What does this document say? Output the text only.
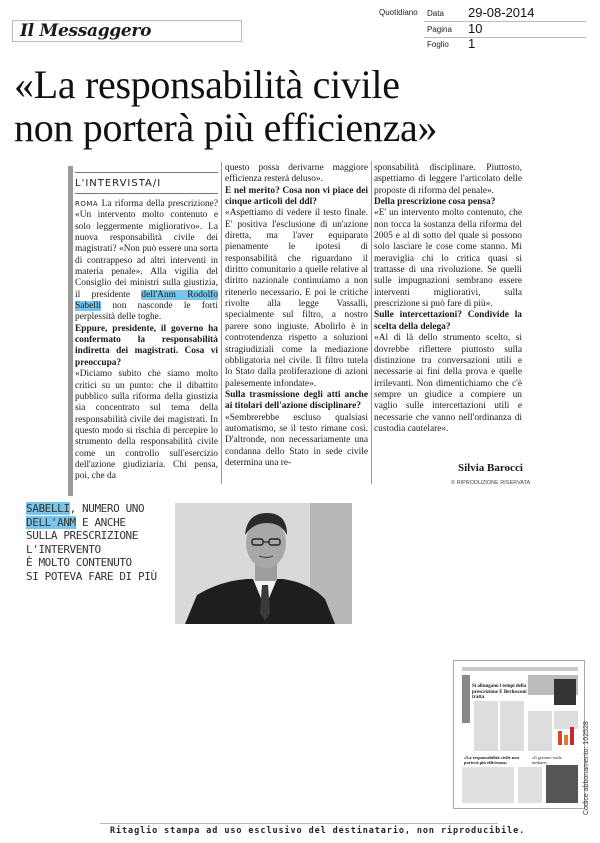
Il Messaggero
Quotidiano Data 29-08-2014
Pagina 10
Foglio 1
«La responsabilità civile
non porterà più efficienza»
L'INTERVISTA/I

ROMA La riforma della prescrizione? «Un intervento molto contenuto e solo leggermente migliorativo». La nuova responsabilità civile dei magistrati? «Non può essere una sorta di contrappeso ad altri interventi in materia penale». Alla vigilia del Consiglio dei ministri sulla giustizia, il presidente dell'Anm Rodolfo Sabelli non nasconde le forti perplessità delle toghe.

Eppure, presidente, il governo ha confermato la responsabilità indiretta dei magistrati. Cosa vi preoccupa?

«Diciamo subito che siamo molto critici su un punto: che il dibattito pubblico sulla riforma della giustizia sia concentrato sul tema della responsabilità civile dei magistrati. In questo modo si rischia di percepire lo strumento della responsabilità civile come un controllo sull'esercizio dell'azione giudiziaria. Chi pensa, poi, che da

questo possa derivarne maggiore efficienza resterà deluso».

E nel merito? Cosa non vi piace dei cinque articoli del ddl?

«Aspettiamo di vedere il testo finale. E' positiva l'esclusione di un'azione diretta, ma l'aver equiparato pienamente le ipotesi di responsabilità che riguardano il diritto comunitario a quelle relative al diritto nazionale continuiamo a non ritenerlo necessario. E poi le critiche rivolte alla legge Vassalli, specialmente sul filtro, a nostro parere sono ingiuste. Abolirlo è in controtendenza rispetto a soluzioni stragiudiziali come la mediazione obbligatoria nel civile. Il filtro tutela lo Stato dalla proliferazione di azioni palesemente infondate».

Sulla trasmissione degli atti anche ai titolari dell'azione disciplinare?

«Sembrerebbe escluso qualsiasi automatismo, se il testo rimane così. D'altronde, non necessariamente una condanna dello Stato in sede civile determina una re-

sponsabilità disciplinare. Piuttosto, aspettiamo di leggere l'articolato delle proposte di riforma del penale».

Della prescrizione cosa pensa?

«E' un intervento molto contenuto, che non tocca la sostanza della riforma del 2005 e al di sotto del quale si possono solo lasciare le cose come stanno. Mi meraviglia chi lo critica quasi si trattasse di una rivoluzione. Se quelli sulle impugnazioni sembrano essere interventi migliorativi, sulla prescrizione si può fare di più».

Sulle intercettazioni? Condivide la scelta della delega?

«Al di là dello strumento scelto, si dovrebbe riflettere piuttosto sulla distinzione tra conversazioni utili e necessarie ai fini della prova e quelle irrilevanti. Non dimentichiamo che c'è sempre un giudice a compiere un vaglio sulle intercettazioni utili e necessarie che vanno nell'ordinanza di custodia cautelare».

Silvia Barocci
© RIPRODUZIONE RISERVATA
SABELLI, NUMERO UNO
DELL'ANM E ANCHE
SULLA PRESCRIZIONE
L'INTERVENTO
È MOLTO CONTENUTO
SI POTEVA FARE DI PIÙ
Si allungano i tempi della prescrizione E Berlusconi tratta
«La responsabilità civile non porterà più efficienza»
«Il governo vuole mediare»	Codice abbonamento: 102528
Ritaglio stampa ad uso esclusivo del destinatario, non riproducibile.
